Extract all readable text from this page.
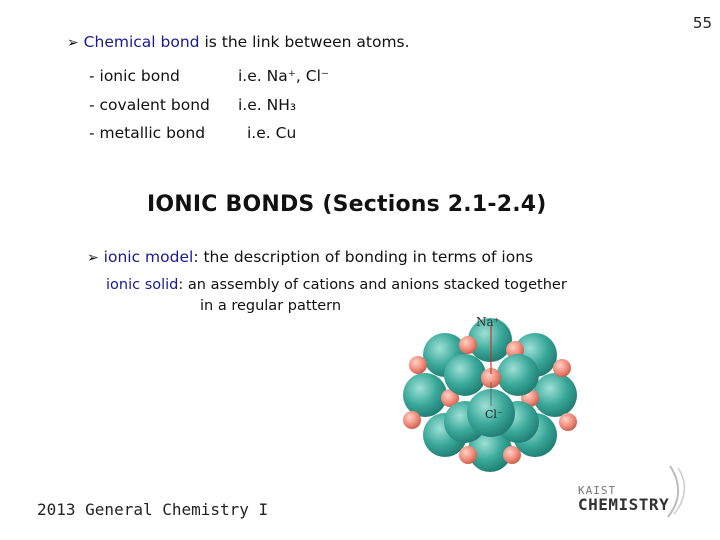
55
➢ Chemical bond is the link between atoms.
- ionic bond	i.e. Na⁺, Cl⁻
- covalent bond i.e. NH₃
- metallic bond	i.e. Cu
IONIC BONDS (Sections 2.1-2.4)
➢ ionic model: the description of bonding in terms of ions
ionic solid: an assembly of cations and anions stacked together
in a regular pattern
Na⁺
Cl⁻
2013 General Chemistry I
KAIST
CHEMISTRY
